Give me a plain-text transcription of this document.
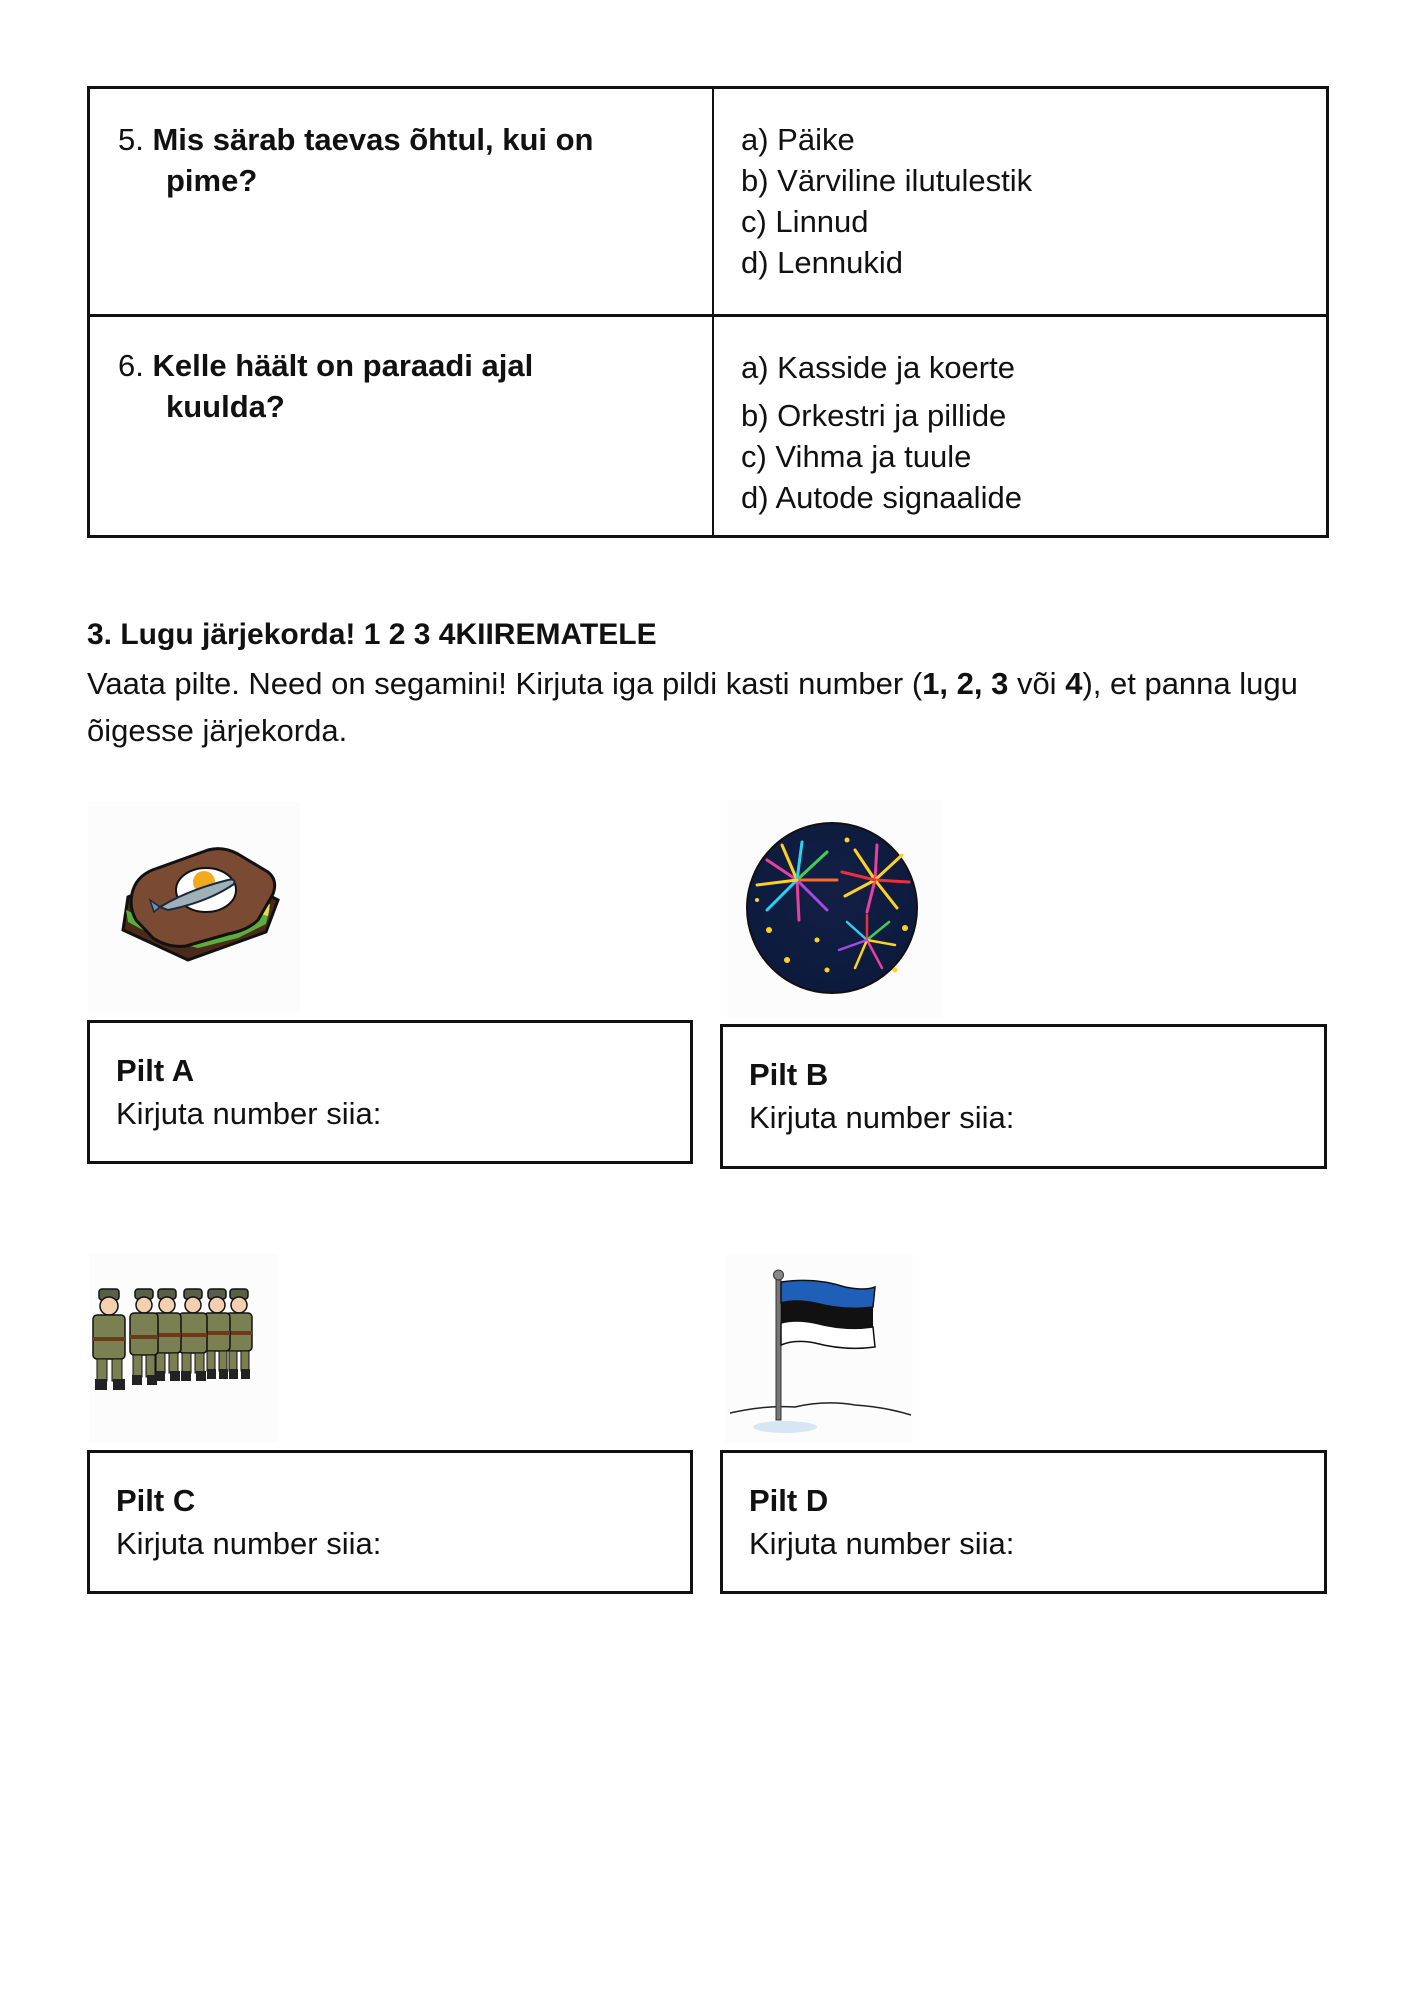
5. Mis särab taevas õhtul, kui on
pime?
a) Päike
b) Värviline ilutulestik
c) Linnud
d) Lennukid
6. Kelle häält on paraadi ajal
kuulda?
a) Kasside ja koerte
b) Orkestri ja pillide
c) Vihma ja tuule
d) Autode signaalide
3. Lugu järjekorda! 1 2 3 4KIIREMATELE
Vaata pilte. Need on segamini! Kirjuta iga pildi kasti number (1, 2, 3 või 4), et panna lugu õigesse järjekorda.
Pilt A
Kirjuta number siia:
Pilt B
Kirjuta number siia:
Pilt C
Kirjuta number siia:
Pilt D
Kirjuta number siia:
